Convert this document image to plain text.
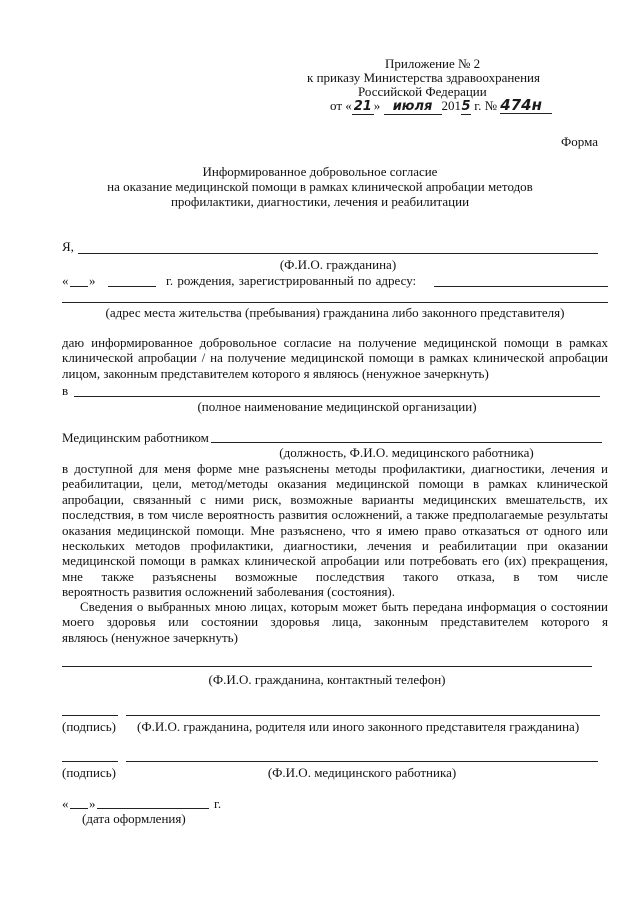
Приложение № 2
к приказу Министерства здравоохранения
Российской Федерации
от « 21 » июля 2015 г. № 474н
Форма
Информированное добровольное согласие
на оказание медицинской помощи в рамках клинической апробации методов
профилактики, диагностики, лечения и реабилитации
Я,
(Ф.И.О. гражданина)
« »	г. рождения, зарегистрированный по адресу:
(адрес места жительства (пребывания) гражданина либо законного представителя)
даю информированное добровольное согласие на получение медицинской помощи в рамках клинической апробации / на получение медицинской помощи в рамках клинической апробации
лицом, законным представителем которого я являюсь (ненужное зачеркнуть)
в
(полное наименование медицинской организации)
Медицинским работником
(должность, Ф.И.О. медицинского работника)
в доступной для меня форме мне разъяснены методы профилактики, диагностики, лечения и реабилитации, цели, метод/методы оказания медицинской помощи в рамках клинической апробации, связанный с ними риск, возможные варианты медицинских вмешательств, их последствия, в том числе вероятность развития осложнений, а также предполагаемые результаты оказания медицинской помощи. Мне разъяснено, что я имею право отказаться от одного или нескольких методов профилактики, диагностики, лечения и реабилитации при оказании медицинской помощи в рамках клинической апробации или потребовать его (их) прекращения, мне также разъяснены возможные последствия такого отказа, в том числе
вероятность развития осложнений заболевания (состояния).
Сведения о выбранных мною лицах, которым может быть передана информация о состоянии моего здоровья или состоянии здоровья лица, законным представителем которого я
являюсь (ненужное зачеркнуть)
(Ф.И.О. гражданина, контактный телефон)
(подпись) (Ф.И.О. гражданина, родителя или иного законного представителя гражданина)
(подпись)	(Ф.И.О. медицинского работника)
« »	г.
(дата оформления)
